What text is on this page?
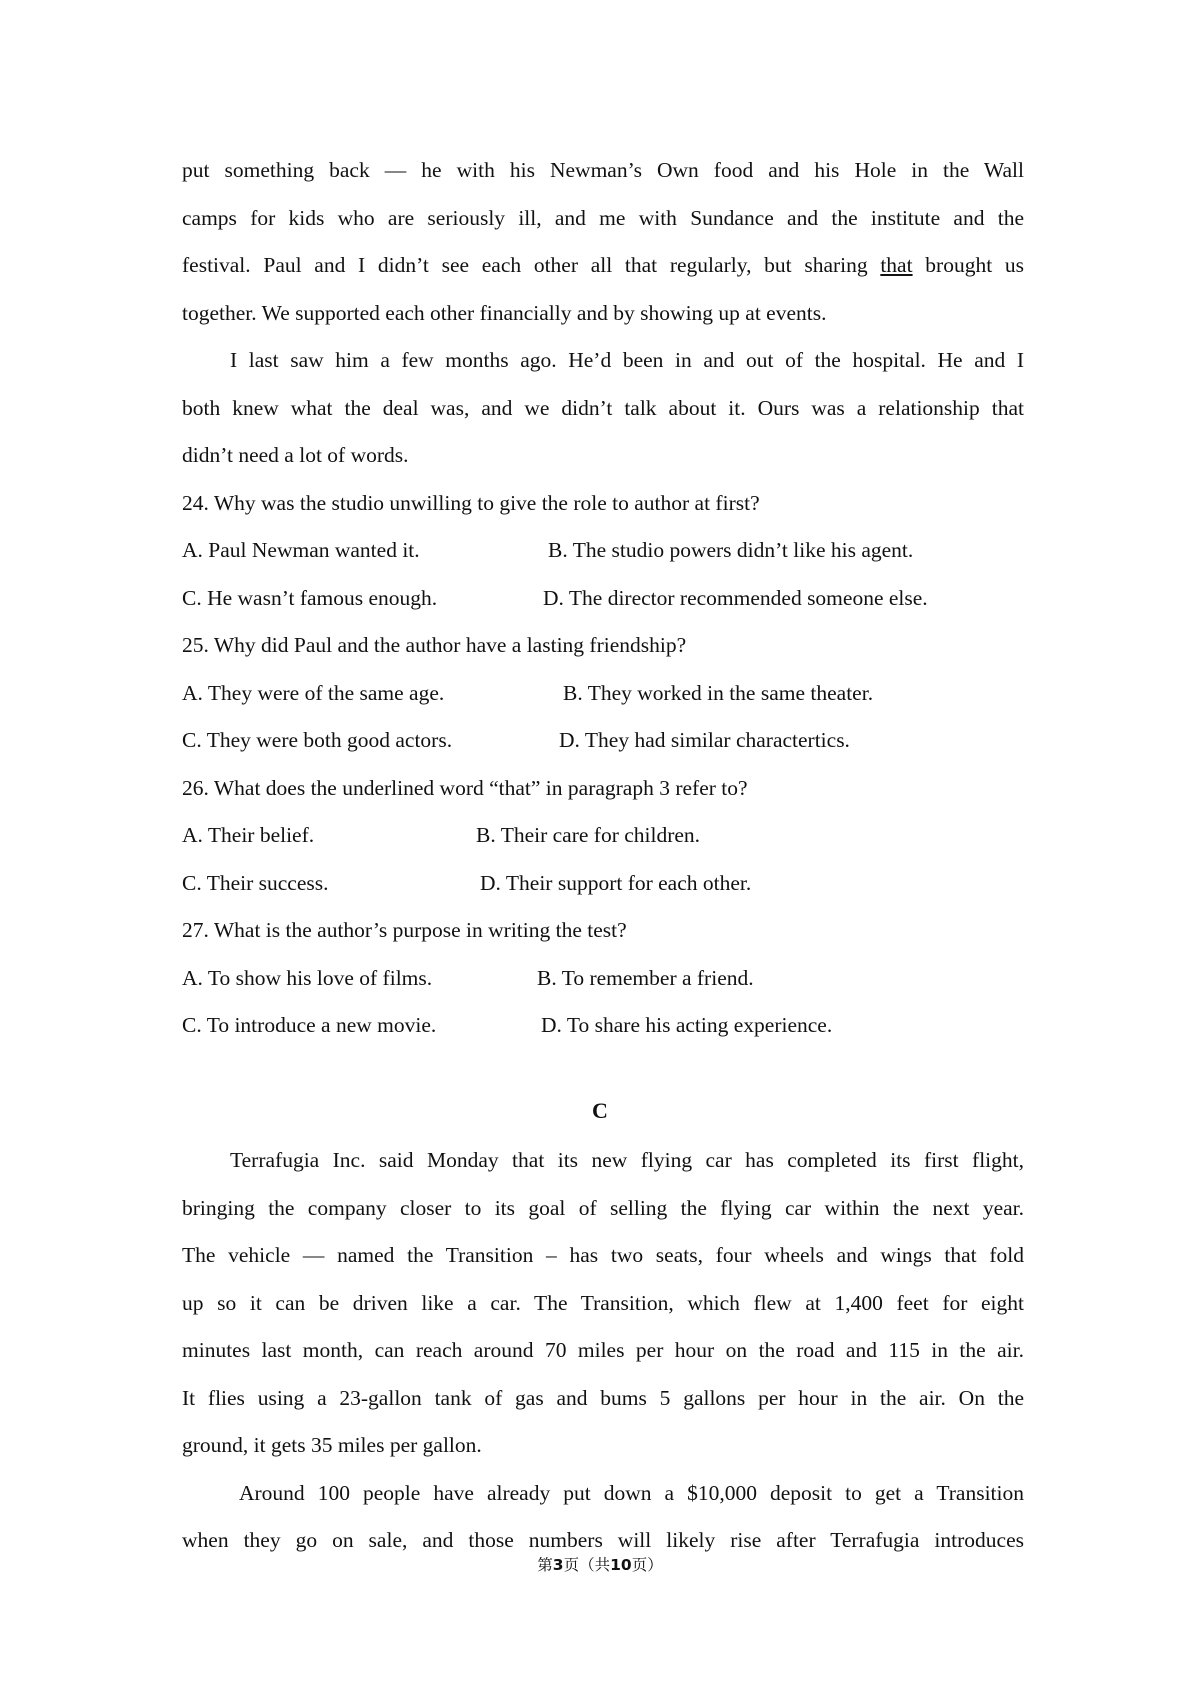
put something back — he with his Newman’s Own food and his Hole in the Wall
camps for kids who are seriously ill, and me with Sundance and the institute and the
festival. Paul and I didn’t see each other all that regularly, but sharing that brought us
together. We supported each other financially and by showing up at events.
I last saw him a few months ago. He’d been in and out of the hospital. He and I
both knew what the deal was, and we didn’t talk about it. Ours was a relationship that
didn’t need a lot of words.
24. Why was the studio unwilling to give the role to author at first?
A. Paul Newman wanted it.	B. The studio powers didn’t like his agent.
C. He wasn’t famous enough.	D. The director recommended someone else.
25. Why did Paul and the author have a lasting friendship?
A. They were of the same age.	B. They worked in the same theater.
C. They were both good actors.	D. They had similar charactertics.
26. What does the underlined word “that” in paragraph 3 refer to?
A. Their belief.	B. Their care for children.
C. Their success.	D. Their support for each other.
27. What is the author’s purpose in writing the test?
A. To show his love of films.	B. To remember a friend.
C. To introduce a new movie.	D. To share his acting experience.
C
Terrafugia Inc. said Monday that its new flying car has completed its first flight,
bringing the company closer to its goal of selling the flying car within the next year.
The vehicle — named the Transition – has two seats, four wheels and wings that fold
up so it can be driven like a car. The Transition, which flew at 1,400 feet for eight
minutes last month, can reach around 70 miles per hour on the road and 115 in the air.
It flies using a 23-gallon tank of gas and bums 5 gallons per hour in the air. On the
ground, it gets 35 miles per gallon.
Around 100 people have already put down a $10,000 deposit to get a Transition
when they go on sale, and those numbers will likely rise after Terrafugia introduces
第3页（共10页）
